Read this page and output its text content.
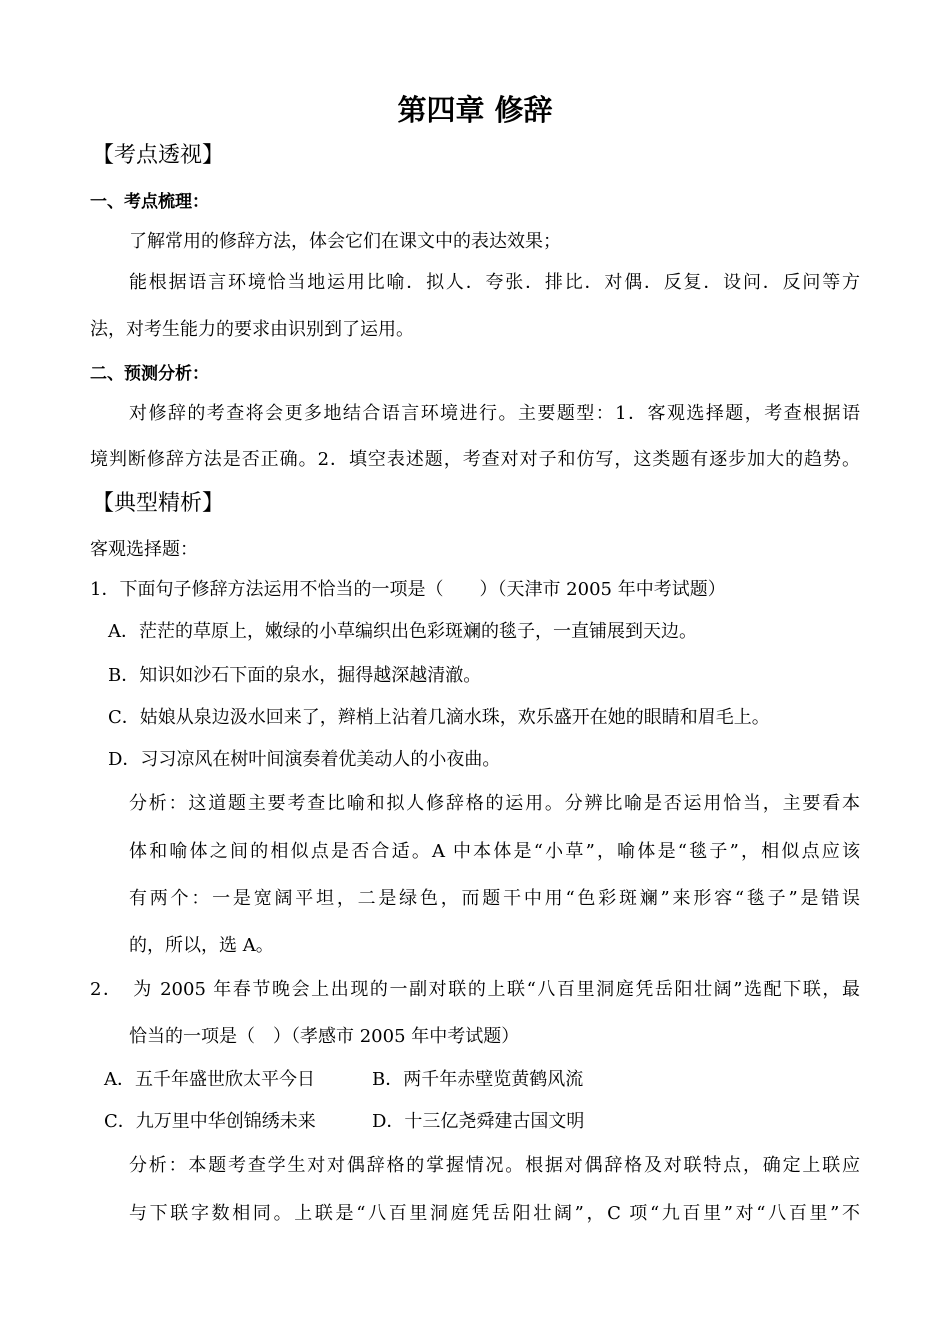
第四章 修辞
【考点透视】
一、考点梳理：
了解常用的修辞方法，体会它们在课文中的表达效果；
能根据语言环境恰当地运用比喻．拟人．夸张．排比．对偶．反复．设问．反问等方
法，对考生能力的要求由识别到了运用。
二、预测分析：
对修辞的考查将会更多地结合语言环境进行。主要题型：1．客观选择题，考查根据语
境判断修辞方法是否正确。2．填空表述题，考查对对子和仿写，这类题有逐步加大的趋势。
【典型精析】
客观选择题：
1．下面句子修辞方法运用不恰当的一项是（　　）（天津市 2005 年中考试题）
A．茫茫的草原上，嫩绿的小草编织出色彩斑斓的毯子，一直铺展到天边。
B．知识如沙石下面的泉水，掘得越深越清澈。
C．姑娘从泉边汲水回来了，辫梢上沾着几滴水珠，欢乐盛开在她的眼睛和眉毛上。
D．习习凉风在树叶间演奏着优美动人的小夜曲。
分析：这道题主要考查比喻和拟人修辞格的运用。分辨比喻是否运用恰当，主要看本
体和喻体之间的相似点是否合适。A 中本体是“小草”，喻体是“毯子”，相似点应该
有两个：一是宽阔平坦，二是绿色，而题干中用“色彩斑斓”来形容“毯子”是错误
的，所以，选 A。
2．　为 2005 年春节晚会上出现的一副对联的上联“八百里洞庭凭岳阳壮阔”选配下联，最
恰当的一项是（　）（孝感市 2005 年中考试题）
A．五千年盛世欣太平今日	B．两千年赤壁览黄鹤风流
C．九万里中华创锦绣未来	D．十三亿尧舜建古国文明
分析：本题考查学生对对偶辞格的掌握情况。根据对偶辞格及对联特点，确定上联应
与下联字数相同。上联是“八百里洞庭凭岳阳壮阔”，C 项“九百里”对“八百里”不
